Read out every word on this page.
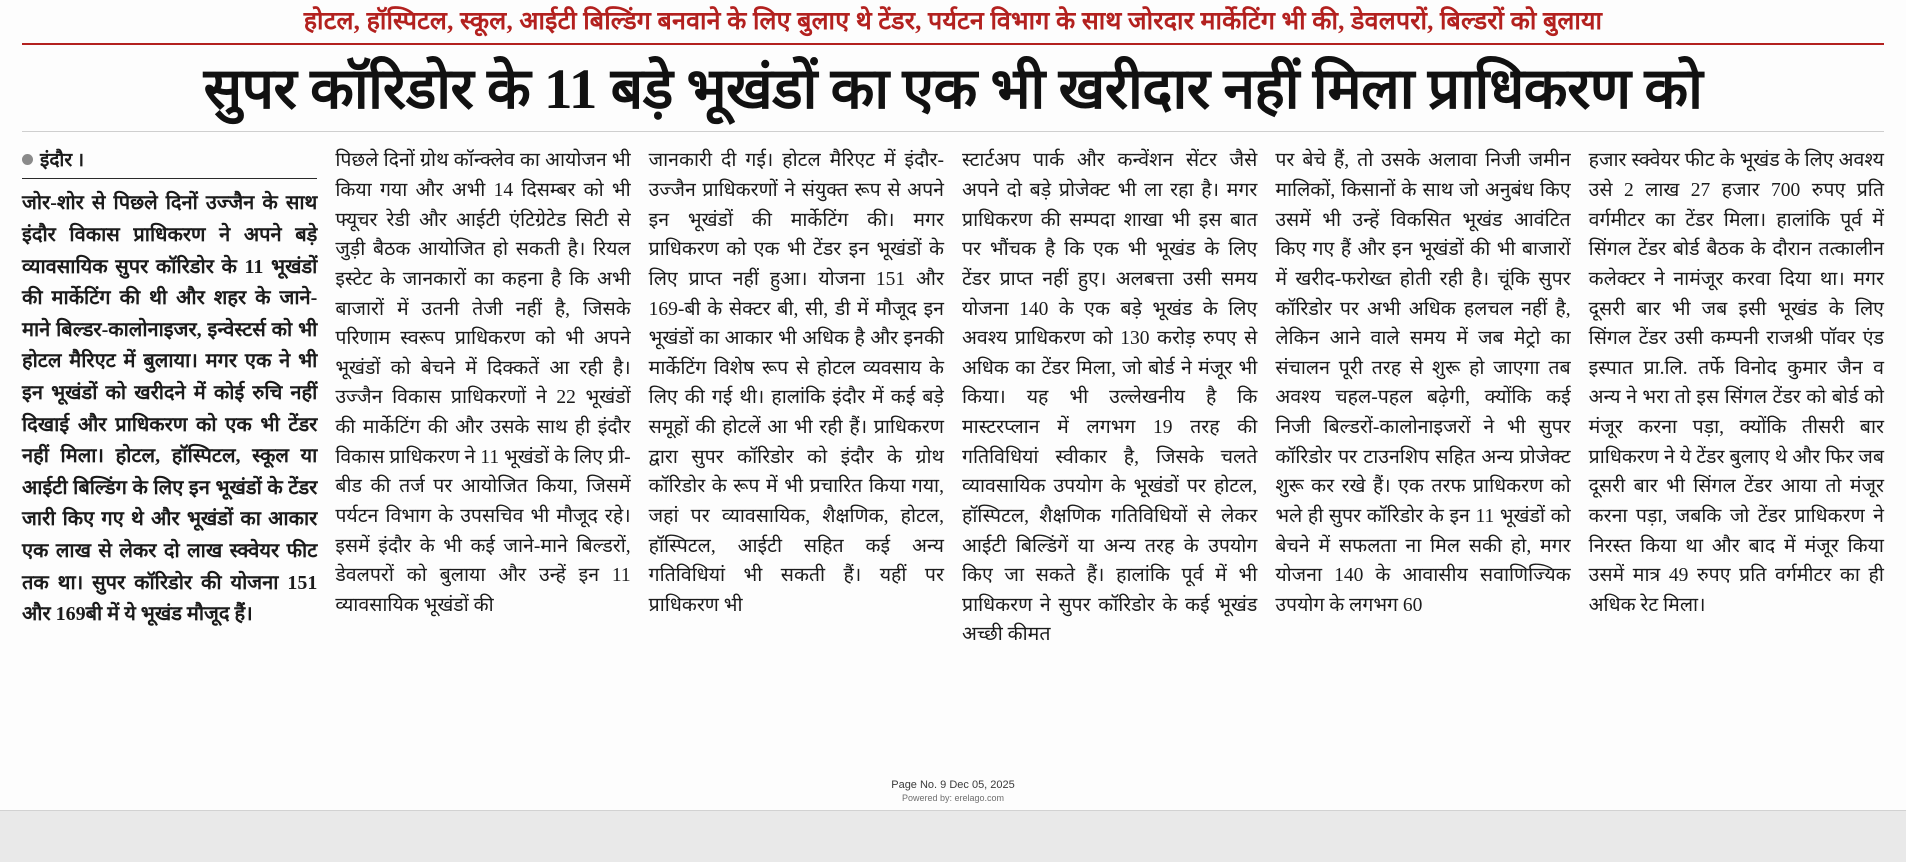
होटल, हॉस्पिटल, स्कूल, आईटी बिल्डिंग बनवाने के लिए बुलाए थे टेंडर, पर्यटन विभाग के साथ जोरदार मार्केटिंग भी की, डेवलपरों, बिल्डरों को बुलाया
सुपर कॉरिडोर के 11 बड़े भूखंडों का एक भी खरीदार नहीं मिला प्राधिकरण को
इंदौर ।

जोर-शोर से पिछले दिनों उज्जैन के साथ इंदौर विकास प्राधिकरण ने अपने बड़े व्यावसायिक सुपर कॉरिडोर के 11 भूखंडों की मार्केटिंग की थी और शहर के जाने-माने बिल्डर-कालोनाइजर, इन्वेस्टर्स को भी होटल मैरिएट में बुलाया। मगर एक ने भी इन भूखंडों को खरीदने में कोई रुचि नहीं दिखाई और प्राधिकरण को एक भी टेंडर नहीं मिला। होटल, हॉस्पिटल, स्कूल या आईटी बिल्डिंग के लिए इन भूखंडों के टेंडर जारी किए गए थे और भूखंडों का आकार एक लाख से लेकर दो लाख स्क्वेयर फीट तक था। सुपर कॉरिडोर की योजना 151 और 169बी में ये भूखंड मौजूद हैं।

पिछले दिनों ग्रोथ कॉन्क्लेव का आयोजन भी किया गया और अभी 14 दिसम्बर को भी फ्यूचर रेडी और आईटी एंटिग्रेटेड सिटी से जुड़ी बैठक आयोजित हो सकती है। रियल इस्टेट के जानकारों का कहना है कि अभी बाजारों में उतनी तेजी नहीं है, जिसके परिणाम स्वरूप प्राधिकरण को भी अपने भूखंडों को बेचने में दिक्कतें आ रही है। उज्जैन विकास प्राधिकरणों ने 22 भूखंडों की मार्केटिंग की और उसके साथ ही इंदौर विकास प्राधिकरण ने 11 भूखंडों के लिए प्री-बीड की तर्ज पर आयोजित किया, जिसमें पर्यटन विभाग के उपसचिव भी मौजूद रहे। इसमें इंदौर के भी कई जाने-माने बिल्डरों, डेवलपरों को बुलाया और उन्हें इन 11 व्यावसायिक भूखंडों की

जानकारी दी गई। होटल मैरिएट में इंदौर-उज्जैन प्राधिकरणों ने संयुक्त रूप से अपने इन भूखंडों की मार्केटिंग की। मगर प्राधिकरण को एक भी टेंडर इन भूखंडों के लिए प्राप्त नहीं हुआ। योजना 151 और 169-बी के सेक्टर बी, सी, डी में मौजूद इन भूखंडों का आकार भी अधिक है और इनकी मार्केटिंग विशेष रूप से होटल व्यवसाय के लिए की गई थी। हालांकि इंदौर में कई बड़े समूहों की होटलें आ भी रही हैं। प्राधिकरण द्वारा सुपर कॉरिडोर को इंदौर के ग्रोथ कॉरिडोर के रूप में भी प्रचारित किया गया, जहां पर व्यावसायिक, शैक्षणिक, होटल, हॉस्पिटल, आईटी सहित कई अन्य गतिविधियां भी सकती हैं। यहीं पर प्राधिकरण भी

स्टार्टअप पार्क और कन्वेंशन सेंटर जैसे अपने दो बड़े प्रोजेक्ट भी ला रहा है। मगर प्राधिकरण की सम्पदा शाखा भी इस बात पर भौंचक है कि एक भी भूखंड के लिए टेंडर प्राप्त नहीं हुए। अलबत्ता उसी समय योजना 140 के एक बड़े भूखंड के लिए अवश्य प्राधिकरण को 130 करोड़ रुपए से अधिक का टेंडर मिला, जो बोर्ड ने मंजूर भी किया। यह भी उल्लेखनीय है कि मास्टरप्लान में लगभग 19 तरह की गतिविधियां स्वीकार है, जिसके चलते व्यावसायिक उपयोग के भूखंडों पर होटल, हॉस्पिटल, शैक्षणिक गतिविधियों से लेकर आईटी बिल्डिंगें या अन्य तरह के उपयोग किए जा सकते हैं। हालांकि पूर्व में भी प्राधिकरण ने सुपर कॉरिडोर के कई भूखंड अच्छी कीमत

पर बेचे हैं, तो उसके अलावा निजी जमीन मालिकों, किसानों के साथ जो अनुबंध किए उसमें भी उन्हें विकसित भूखंड आवंटित किए गए हैं और इन भूखंडों की भी बाजारों में खरीद-फरोख्त होती रही है। चूंकि सुपर कॉरिडोर पर अभी अधिक हलचल नहीं है, लेकिन आने वाले समय में जब मेट्रो का संचालन पूरी तरह से शुरू हो जाएगा तब अवश्य चहल-पहल बढ़ेगी, क्योंकि कई निजी बिल्डरों-कालोनाइजरों ने भी सुपर कॉरिडोर पर टाउनशिप सहित अन्य प्रोजेक्ट शुरू कर रखे हैं। एक तरफ प्राधिकरण को भले ही सुपर कॉरिडोर के इन 11 भूखंडों को बेचने में सफलता ना मिल सकी हो, मगर योजना 140 के आवासीय सवाणिज्यिक उपयोग के लगभग 60

हजार स्क्वेयर फीट के भूखंड के लिए अवश्य उसे 2 लाख 27 हजार 700 रुपए प्रति वर्गमीटर का टेंडर मिला। हालांकि पूर्व में सिंगल टेंडर बोर्ड बैठक के दौरान तत्कालीन कलेक्टर ने नामंजूर करवा दिया था। मगर दूसरी बार भी जब इसी भूखंड के लिए सिंगल टेंडर उसी कम्पनी राजश्री पॉवर एंड इस्पात प्रा.लि. तर्फे विनोद कुमार जैन व अन्य ने भरा तो इस सिंगल टेंडर को बोर्ड को मंजूर करना पड़ा, क्योंकि तीसरी बार प्राधिकरण ने ये टेंडर बुलाए थे और फिर जब दूसरी बार भी सिंगल टेंडर आया तो मंजूर करना पड़ा, जबकि जो टेंडर प्राधिकरण ने निरस्त किया था और बाद में मंजूर किया उसमें मात्र 49 रुपए प्रति वर्गमीटर का ही अधिक रेट मिला।

Page No. 9 Dec 05, 2025
Powered by: erelago.com
